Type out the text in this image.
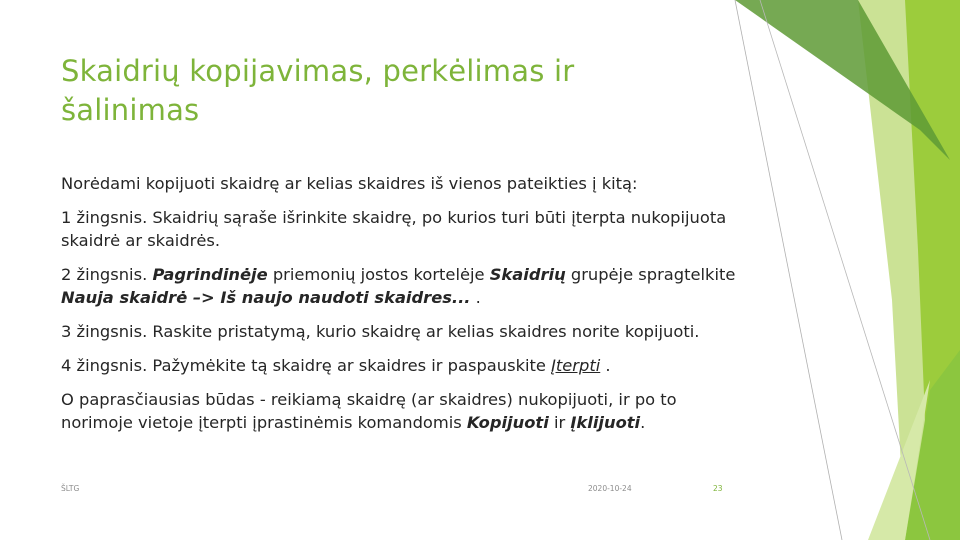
Skaidrių kopijavimas, perkėlimas ir šalinimas

Norėdami kopijuoti skaidrę ar kelias skaidres iš vienos pateikties į kitą:

1 žingsnis. Skaidrių sąraše išrinkite skaidrę, po kurios turi būti įterpta nukopijuota skaidrė ar skaidrės.

2 žingsnis. Pagrindinėje priemonių jostos kortelėje Skaidrių grupėje spragtelkite Nauja skaidrė –> Iš naujo naudoti skaidres... .

3 žingsnis. Raskite pristatymą, kurio skaidrę ar kelias skaidres norite kopijuoti.

4 žingsnis. Pažymėkite tą skaidrę ar skaidres ir paspauskite Įterpti .

O paprasčiausias būdas - reikiamą skaidrę (ar skaidres) nukopijuoti, ir po to norimoje vietoje įterpti įprastinėmis komandomis Kopijuoti ir Įklijuoti.

ŠLTG	2020-10-24	23
